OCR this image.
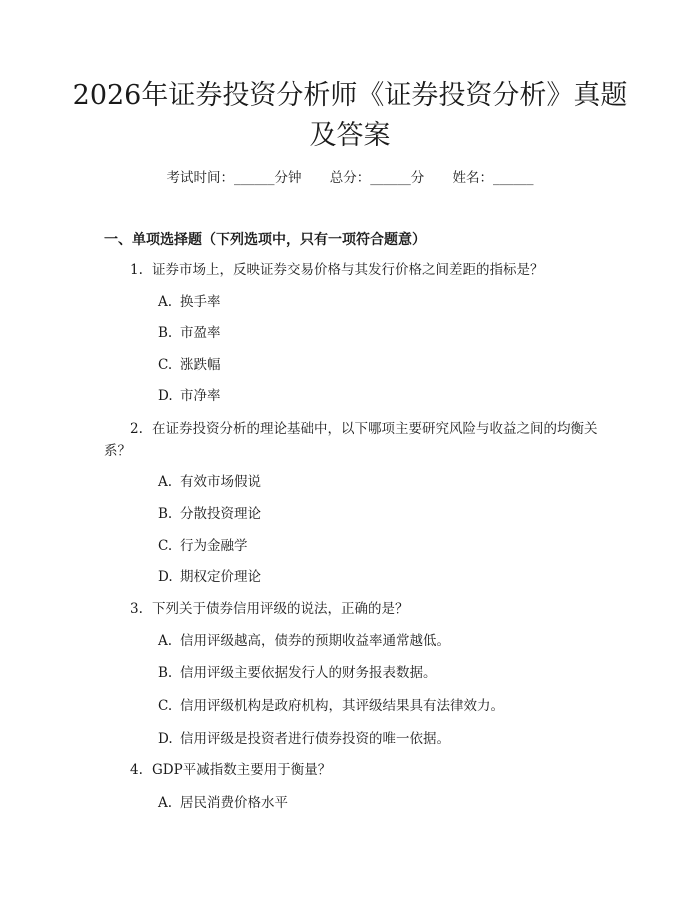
2026年证券投资分析师《证券投资分析》真题及答案
考试时间：______分钟 总分：______分 姓名：______
一、单项选择题（下列选项中，只有一项符合题意）
1. 证券市场上，反映证券交易价格与其发行价格之间差距的指标是？
A. 换手率
B. 市盈率
C. 涨跌幅
D. 市净率
2. 在证券投资分析的理论基础中，以下哪项主要研究风险与收益之间的均衡关系？
A. 有效市场假说
B. 分散投资理论
C. 行为金融学
D. 期权定价理论
3. 下列关于债券信用评级的说法，正确的是？
A. 信用评级越高，债券的预期收益率通常越低。
B. 信用评级主要依据发行人的财务报表数据。
C. 信用评级机构是政府机构，其评级结果具有法律效力。
D. 信用评级是投资者进行债券投资的唯一依据。
4. GDP平减指数主要用于衡量？
A. 居民消费价格水平
